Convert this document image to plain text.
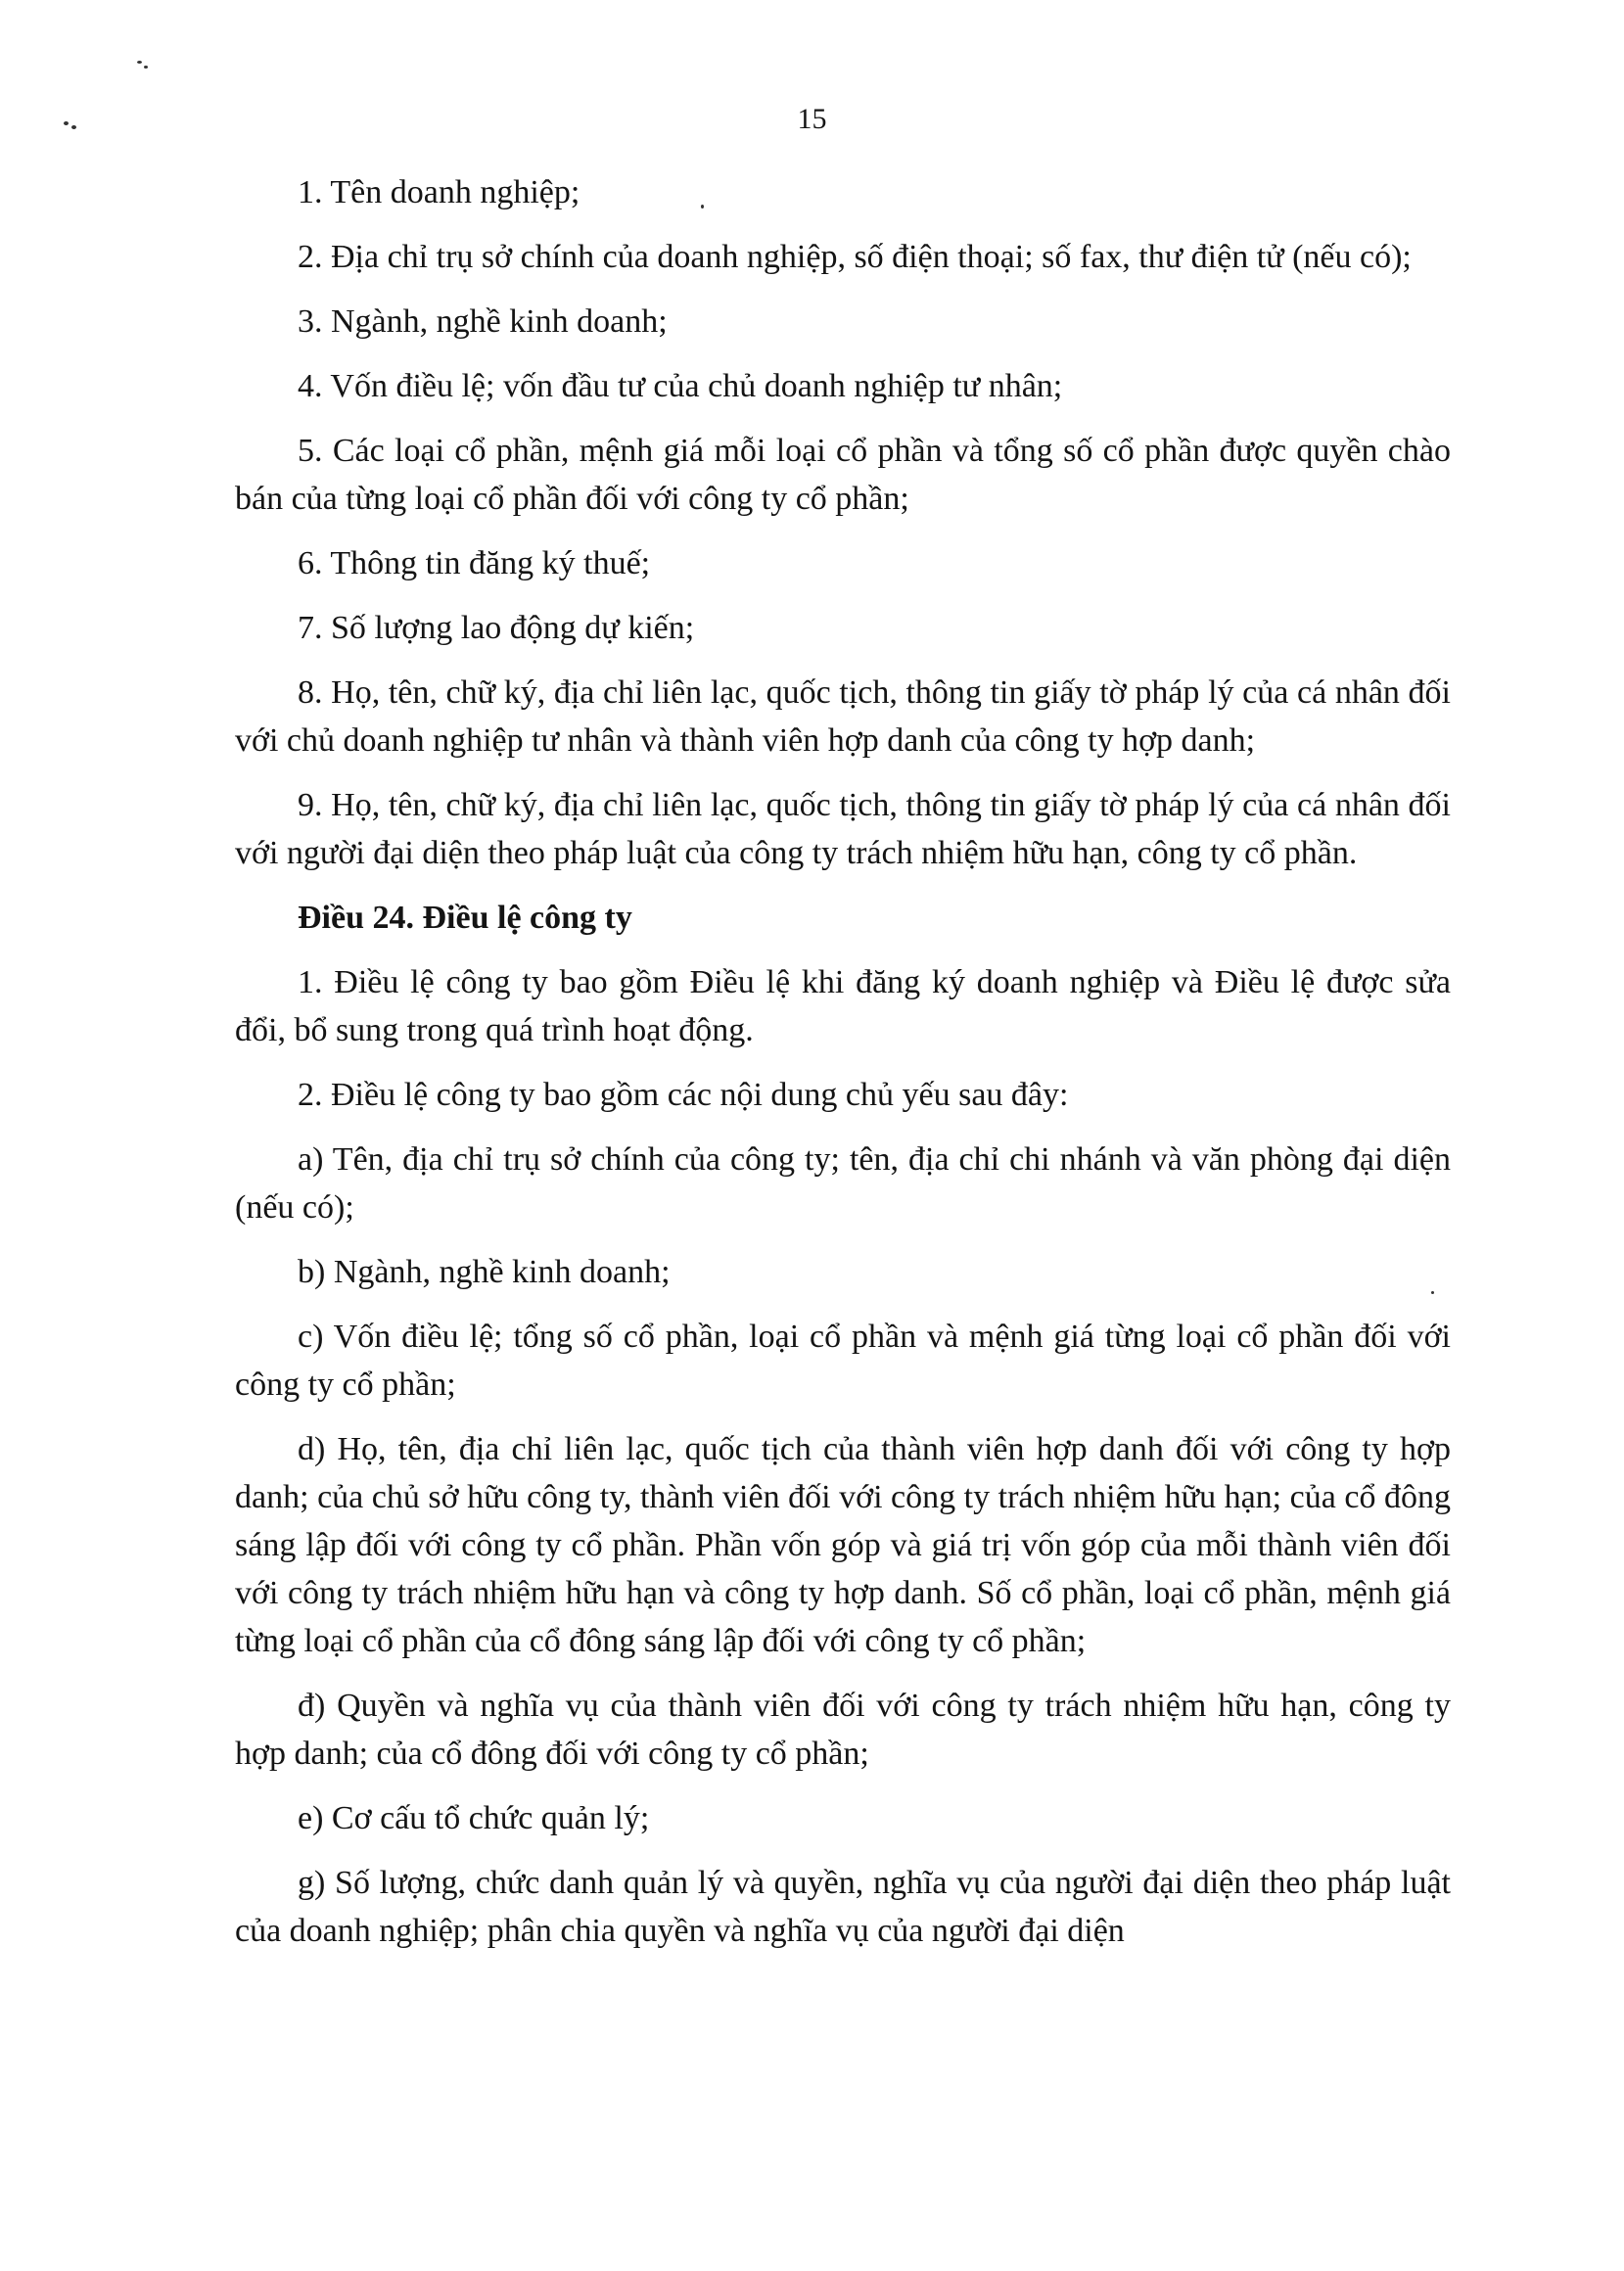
15

1. Tên doanh nghiệp;

2. Địa chỉ trụ sở chính của doanh nghiệp, số điện thoại; số fax, thư điện tử (nếu có);

3. Ngành, nghề kinh doanh;

4. Vốn điều lệ; vốn đầu tư của chủ doanh nghiệp tư nhân;

5. Các loại cổ phần, mệnh giá mỗi loại cổ phần và tổng số cổ phần được quyền chào bán của từng loại cổ phần đối với công ty cổ phần;

6. Thông tin đăng ký thuế;

7. Số lượng lao động dự kiến;

8. Họ, tên, chữ ký, địa chỉ liên lạc, quốc tịch, thông tin giấy tờ pháp lý của cá nhân đối với chủ doanh nghiệp tư nhân và thành viên hợp danh của công ty hợp danh;

9. Họ, tên, chữ ký, địa chỉ liên lạc, quốc tịch, thông tin giấy tờ pháp lý của cá nhân đối với người đại diện theo pháp luật của công ty trách nhiệm hữu hạn, công ty cổ phần.

Điều 24. Điều lệ công ty

1. Điều lệ công ty bao gồm Điều lệ khi đăng ký doanh nghiệp và Điều lệ được sửa đổi, bổ sung trong quá trình hoạt động.

2. Điều lệ công ty bao gồm các nội dung chủ yếu sau đây:

a) Tên, địa chỉ trụ sở chính của công ty; tên, địa chỉ chi nhánh và văn phòng đại diện (nếu có);

b) Ngành, nghề kinh doanh;

c) Vốn điều lệ; tổng số cổ phần, loại cổ phần và mệnh giá từng loại cổ phần đối với công ty cổ phần;

d) Họ, tên, địa chỉ liên lạc, quốc tịch của thành viên hợp danh đối với công ty hợp danh; của chủ sở hữu công ty, thành viên đối với công ty trách nhiệm hữu hạn; của cổ đông sáng lập đối với công ty cổ phần. Phần vốn góp và giá trị vốn góp của mỗi thành viên đối với công ty trách nhiệm hữu hạn và công ty hợp danh. Số cổ phần, loại cổ phần, mệnh giá từng loại cổ phần của cổ đông sáng lập đối với công ty cổ phần;

đ) Quyền và nghĩa vụ của thành viên đối với công ty trách nhiệm hữu hạn, công ty hợp danh; của cổ đông đối với công ty cổ phần;

e) Cơ cấu tổ chức quản lý;

g) Số lượng, chức danh quản lý và quyền, nghĩa vụ của người đại diện theo pháp luật của doanh nghiệp; phân chia quyền và nghĩa vụ của người đại diện
